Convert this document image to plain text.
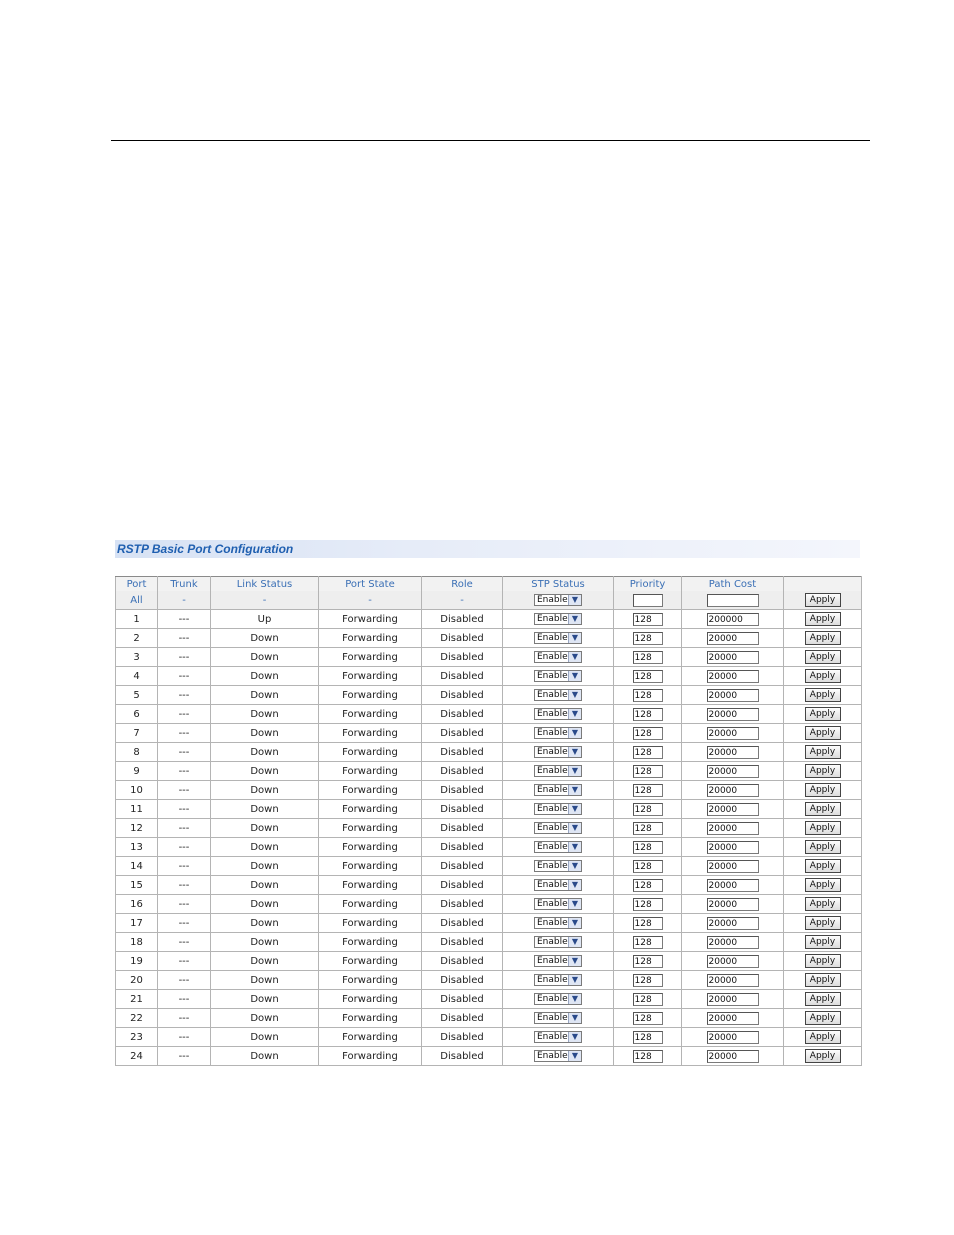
RSTP Basic Port Configuration
Port	Trunk	Link Status	Port State	Role	STP Status	Priority	Path Cost	
All	-	-	-	-	Enable ▼			Apply
1	---	Up	Forwarding	Disabled	Enable ▼	128	200000	Apply
2	---	Down	Forwarding	Disabled	Enable ▼	128	20000	Apply
3	---	Down	Forwarding	Disabled	Enable ▼	128	20000	Apply
4	---	Down	Forwarding	Disabled	Enable ▼	128	20000	Apply
5	---	Down	Forwarding	Disabled	Enable ▼	128	20000	Apply
6	---	Down	Forwarding	Disabled	Enable ▼	128	20000	Apply
7	---	Down	Forwarding	Disabled	Enable ▼	128	20000	Apply
8	---	Down	Forwarding	Disabled	Enable ▼	128	20000	Apply
9	---	Down	Forwarding	Disabled	Enable ▼	128	20000	Apply
10	---	Down	Forwarding	Disabled	Enable ▼	128	20000	Apply
11	---	Down	Forwarding	Disabled	Enable ▼	128	20000	Apply
12	---	Down	Forwarding	Disabled	Enable ▼	128	20000	Apply
13	---	Down	Forwarding	Disabled	Enable ▼	128	20000	Apply
14	---	Down	Forwarding	Disabled	Enable ▼	128	20000	Apply
15	---	Down	Forwarding	Disabled	Enable ▼	128	20000	Apply
16	---	Down	Forwarding	Disabled	Enable ▼	128	20000	Apply
17	---	Down	Forwarding	Disabled	Enable ▼	128	20000	Apply
18	---	Down	Forwarding	Disabled	Enable ▼	128	20000	Apply
19	---	Down	Forwarding	Disabled	Enable ▼	128	20000	Apply
20	---	Down	Forwarding	Disabled	Enable ▼	128	20000	Apply
21	---	Down	Forwarding	Disabled	Enable ▼	128	20000	Apply
22	---	Down	Forwarding	Disabled	Enable ▼	128	20000	Apply
23	---	Down	Forwarding	Disabled	Enable ▼	128	20000	Apply
24	---	Down	Forwarding	Disabled	Enable ▼	128	20000	Apply
